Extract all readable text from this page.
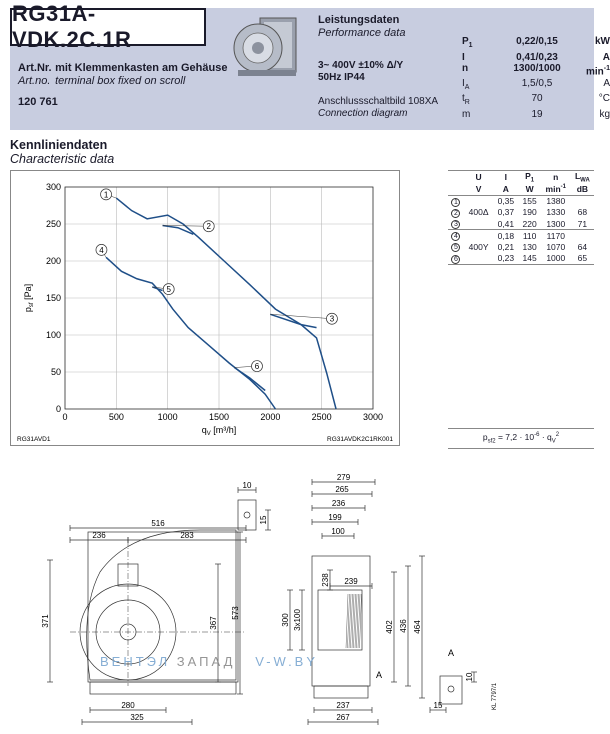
RG31A-VDK.2C.1R
Art.Nr. mit Klemmenkasten am Gehäuse
Art.no. terminal box fixed on scroll
120 761
Leistungsdaten
Performance data
3~ 400V ±10% Δ/Y
50Hz IP44
Anschlussschaltbild 108XA
Connection diagram
$P_1$	0,22/0,15	kW
I	0,41/0,23	A
n	1300/1000	$\min^{-1}$
$I_A$	1,5/0,5	A
$t_R$	70	°C
m	19	kg
Kennliniendaten
Characteristic data
0	500	1000	1500	2000	2500	3000
0
50
100
150
200
250
300
$q_V$ [m³/h]
$p_{sf}$ [Pa]
RG31AVD1	RG31AVDK2C1RK001
1
2
3
4
5
6
	U	I	$P_1$	n	$L_{WA}$
	V	A	W	$\min^{-1}$	dB
1		0,35	155	1380	
2	400Δ	0,37	190	1330	68
3		0,41	220	1300	71
4		0,18	110	1170	
5	400Y	0,21	130	1070	64
6		0,23	145	1000	65
$p_{sf2} = 7,2 \cdot 10^{-6} \cdot q_V^2$
516
236	283
371	367
573
280
325
10
15
279
265
236
199
100
300 3x100
238 239
402 436 464
237
267
A
A
10
15	KL 7797/1
ВЕНТЭЛ ЗАПАД V-W.BY
